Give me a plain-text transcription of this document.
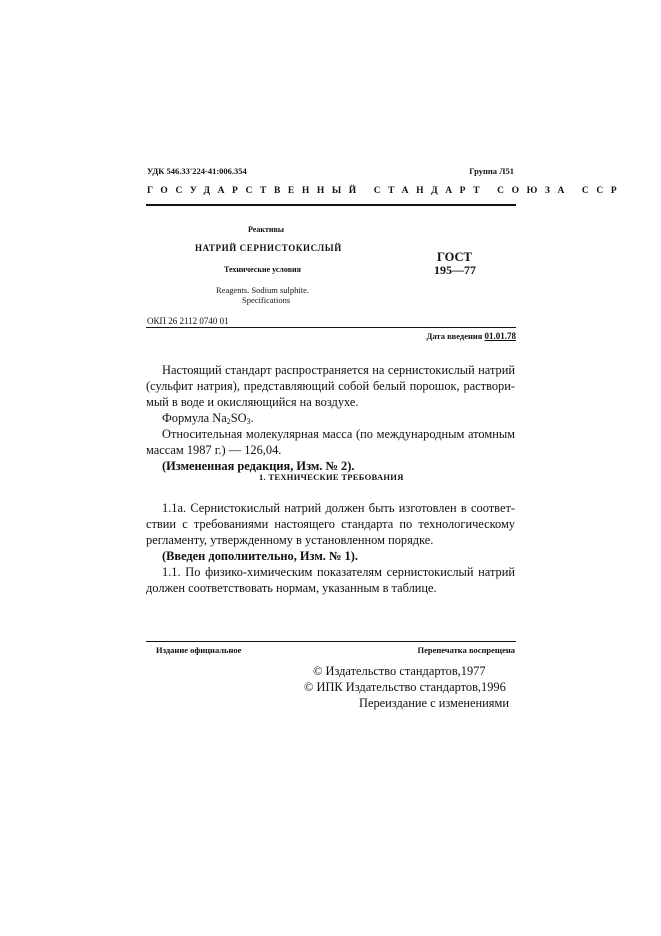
УДК 546.33'224-41:006.354	Группа Л51
ГОСУДАРСТВЕННЫЙ СТАНДАРТ СОЮЗА ССР
Реактивы
НАТРИЙ СЕРНИСТОКИСЛЫЙ
Технические условия
Reagents. Sodium sulphite.
Specifications
ГОСТ
195—77
ОКП 26 2112 0740 01
Дата введения 01.01.78
Настоящий стандарт распространяется на сернистокислый натрий
(сульфит натрия), представляющий собой белый порошок, раствори-
мый в воде и окисляющийся на воздухе.
Формула $Na_2SO_3$.
Относительная молекулярная масса (по международным атомным
массам 1987 г.) — 126,04.
(Измененная редакция, Изм. № 2).
1. ТЕХНИЧЕСКИЕ ТРЕБОВАНИЯ
1.1а. Сернистокислый натрий должен быть изготовлен в соответ-
ствии с требованиями настоящего стандарта по технологическому
регламенту, утвержденному в установленном порядке.
(Введен дополнительно, Изм. № 1).
1.1. По физико-химическим показателям сернистокислый натрий
должен соответствовать нормам, указанным в таблице.
Издание официальное	Перепечатка воспрещена
© Издательство стандартов,1977
© ИПК Издательство стандартов,1996
Переиздание с изменениями
